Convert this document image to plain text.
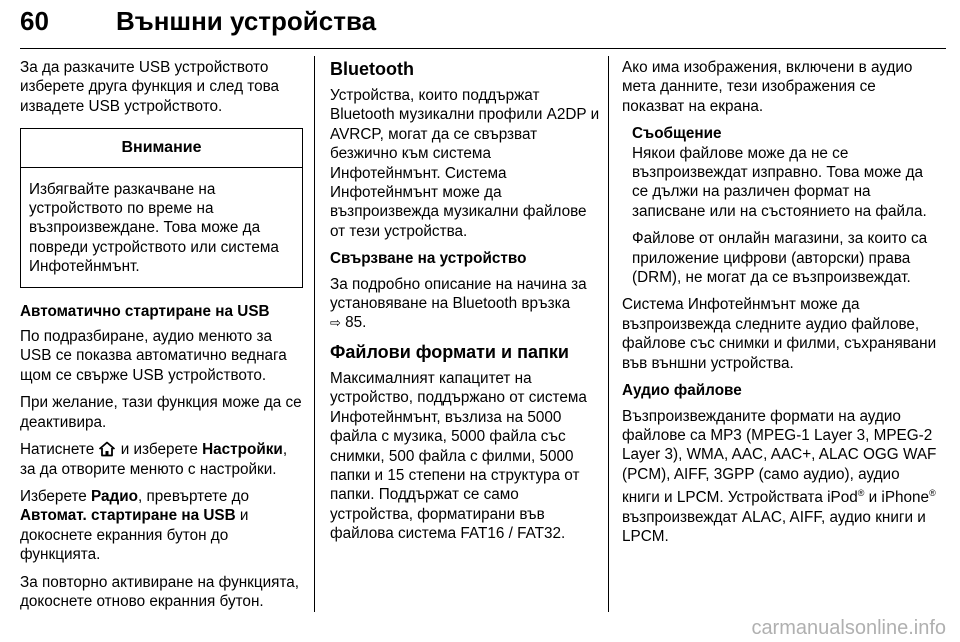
60	Външни устройства

За да разкачите USB устройството изберете друга функция и след това извадете USB устройството.

Внимание
Избягвайте разкачване на устройството по време на възпроизвеждане. Това може да повреди устройството или система Инфотейнмънт.
Автоматично стартиране на USB

По подразбиране, аудио менюто за USB се показва автоматично веднага щом се свърже USB устройството.

При желание, тази функция може да се деактивира.

Натиснете и изберете Настройки, за да отворите менюто с настройки.

Изберете Радио, превъртете до Автомат. стартиране на USB и докоснете екранния бутон до функцията.

За повторно активиране на функцията, докоснете отново екранния бутон.

Bluetooth

Устройства, които поддържат Bluetooth музикални профили A2DP и AVRCP, могат да се свързват безжично към система Инфотейнмънт. Система Инфотейнмънт може да възпроизвежда музикални файлове от тези устройства.

Свързване на устройство

За подробно описание на начина за установяване на Bluetooth връзка
⇨ 85.

Файлови формати и папки

Максималният капацитет на устройство, поддържано от система Инфотейнмънт, възлиза на 5000 файла с музика, 5000 файла със снимки, 500 файла с филми, 5000 папки и 15 степени на структура от папки. Поддържат се само устройства, форматирани във файлова система FAT16 / FAT32.

Ако има изображения, включени в аудио мета данните, тези изображения се показват на екрана.

Съобщение

Някои файлове може да не се възпроизвеждат изправно. Това може да се дължи на различен формат на записване или на състоянието на файла.

Файлове от онлайн магазини, за които са приложение цифрови (авторски) права (DRM), не могат да се възпроизвеждат.

Система Инфотейнмънт може да възпроизвежда следните аудио файлове, файлове със снимки и филми, съхранявани във външни устройства.

Аудио файлове

Възпроизвежданите формати на аудио файлове са MP3 (MPEG-1 Layer 3, MPEG-2 Layer 3), WMA, AAC, AAC+, ALAC OGG WAF (PCM), AIFF, 3GPP (само аудио), аудио книги и LPCM. Устройствата iPod® и iPhone® възпроизвеждат ALAC, AIFF, аудио книги и LPCM.

carmanualsonline.info
